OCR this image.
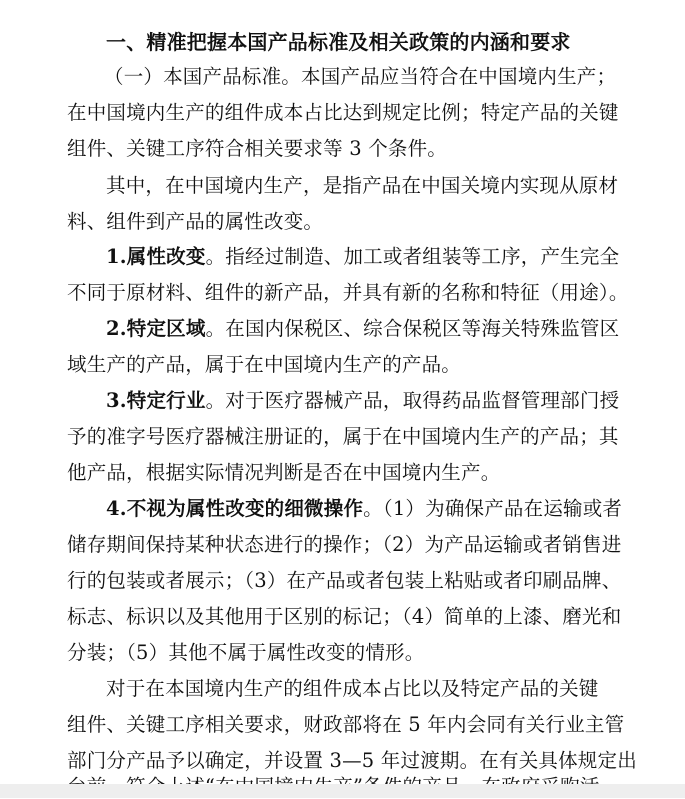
一、精准把握本国产品标准及相关政策的内涵和要求
（一）本国产品标准。本国产品应当符合在中国境内生产；
在中国境内生产的组件成本占比达到规定比例；特定产品的关键
组件、关键工序符合相关要求等 3 个条件。
其中，在中国境内生产，是指产品在中国关境内实现从原材
料、组件到产品的属性改变。
1.属性改变。指经过制造、加工或者组装等工序，产生完全
不同于原材料、组件的新产品，并具有新的名称和特征（用途）。
2.特定区域。在国内保税区、综合保税区等海关特殊监管区
域生产的产品，属于在中国境内生产的产品。
3.特定行业。对于医疗器械产品，取得药品监督管理部门授
予的准字号医疗器械注册证的，属于在中国境内生产的产品；其
他产品，根据实际情况判断是否在中国境内生产。
4.不视为属性改变的细微操作。（1）为确保产品在运输或者
储存期间保持某种状态进行的操作；（2）为产品运输或者销售进
行的包装或者展示；（3）在产品或者包装上粘贴或者印刷品牌、
标志、标识以及其他用于区别的标记；（4）简单的上漆、磨光和
分装；（5）其他不属于属性改变的情形。
对于在本国境内生产的组件成本占比以及特定产品的关键
组件、关键工序相关要求，财政部将在 5 年内会同有关行业主管
部门分产品予以确定，并设置 3—5 年过渡期。在有关具体规定出
